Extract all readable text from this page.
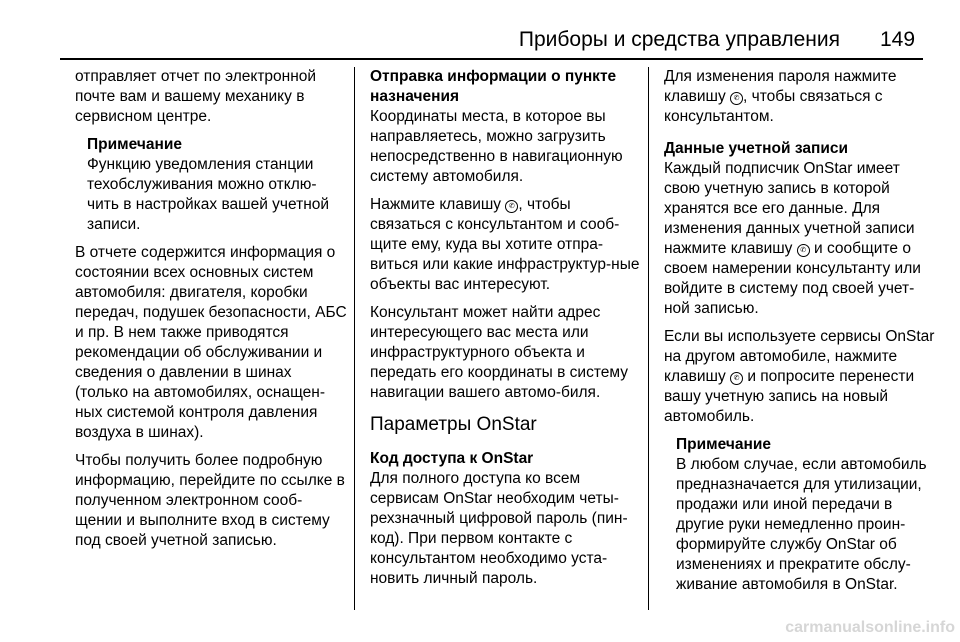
Приборы и средства управления 149

отправляет отчет по электронной почте вам и вашему механику в сервисном центре.

Примечание
Функцию уведомления станции техобслуживания можно отклю-чить в настройках вашей учетной записи.

В отчете содержится информация о состоянии всех основных систем автомобиля: двигателя, коробки передач, подушек безопасности, АБС и пр. В нем также приводятся рекомендации об обслуживании и сведения о давлении в шинах (только на автомобилях, оснащен-ных системой контроля давления воздуха в шинах).

Чтобы получить более подробную информацию, перейдите по ссылке в полученном электронном сооб-щении и выполните вход в систему под своей учетной записью.

Отправка информации о пункте назначения

Координаты места, в которое вы направляетесь, можно загрузить непосредственно в навигационную систему автомобиля.

Нажмите клавишу ✆ , чтобы связаться с консультантом и сооб-щите ему, куда вы хотите отпра-виться или какие инфраструктур-ные объекты вас интересуют.

Консультант может найти адрес интересующего вас места или инфраструктурного объекта и передать его координаты в систему навигации вашего автомо-биля.

Параметры OnStar

Код доступа к OnStar

Для полного доступа ко всем сервисам OnStar необходим четы-рехзначный цифровой пароль (пин-код). При первом контакте с консультантом необходимо уста-новить личный пароль.

Для изменения пароля нажмите клавишу ✆ , чтобы связаться с консультантом.

Данные учетной записи

Каждый подписчик OnStar имеет свою учетную запись в которой хранятся все его данные. Для изменения данных учетной записи нажмите клавишу ✆ и сообщите о своем намерении консультанту или войдите в систему под своей учет-ной записью.

Если вы используете сервисы OnStar на другом автомобиле, нажмите клавишу ✆ и попросите перенести вашу учетную запись на новый автомобиль.

Примечание
В любом случае, если автомобиль предназначается для утилизации, продажи или иной передачи в другие руки немедленно проин-формируйте службу OnStar об изменениях и прекратите обслу-живание автомобиля в OnStar.
carmanualsonline.info
